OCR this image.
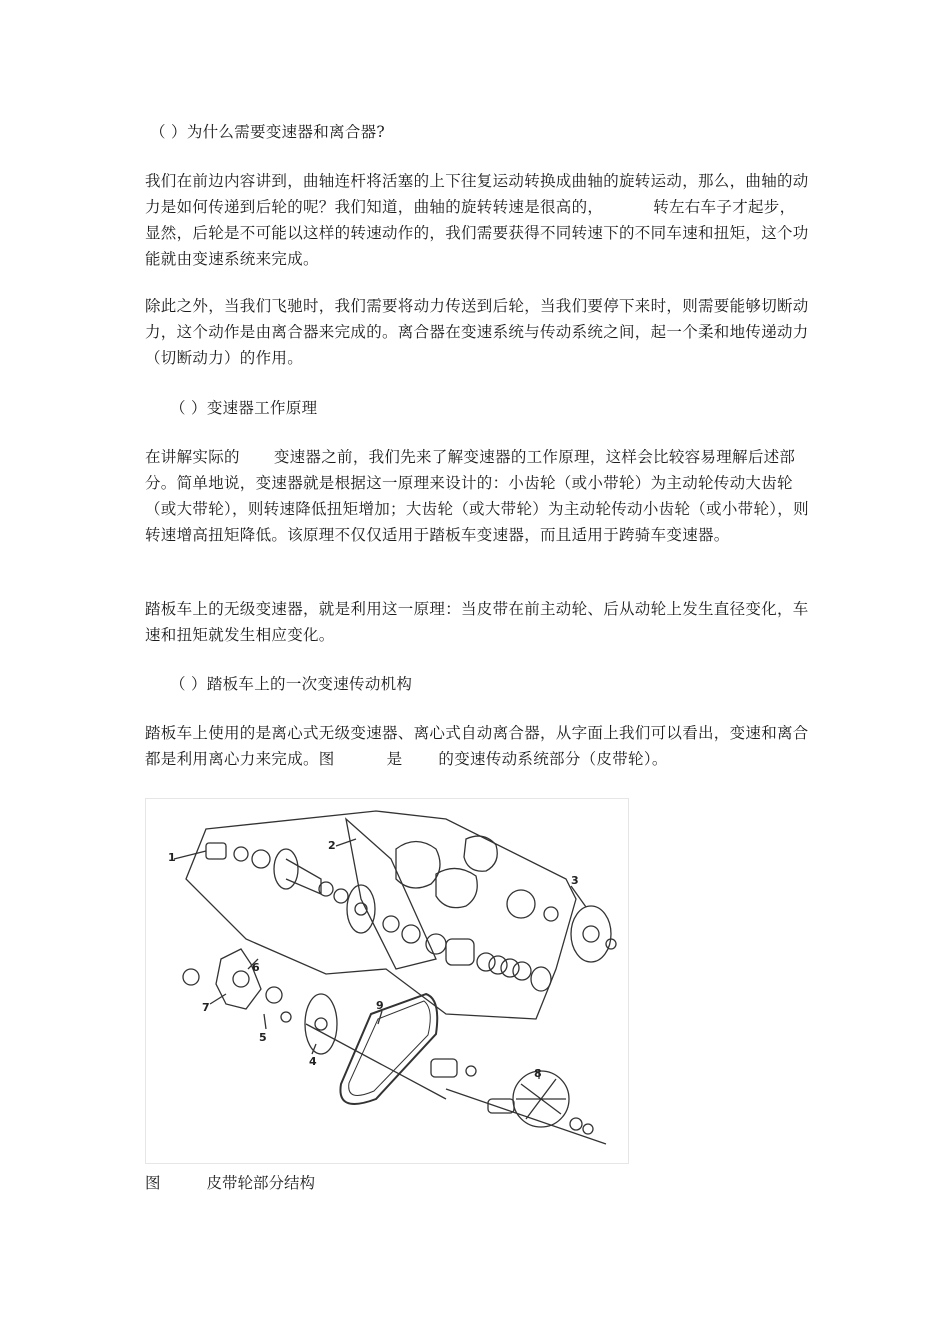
（ ）为什么需要变速器和离合器?

我们在前边内容讲到，曲轴连杆将活塞的上下往复运动转换成曲轴的旋转运动，那么，曲轴的动力是如何传递到后轮的呢？我们知道，曲轴的旋转转速是很高的，	转左右车子才起步，显然，后轮是不可能以这样的转速动作的，我们需要获得不同转速下的不同车速和扭矩，这个功能就由变速系统来完成。

除此之外，当我们飞驰时，我们需要将动力传送到后轮，当我们要停下来时，则需要能够切断动力，这个动作是由离合器来完成的。离合器在变速系统与传动系统之间，起一个柔和地传递动力（切断动力）的作用。

（ ）变速器工作原理

在讲解实际的 变速器之前，我们先来了解变速器的工作原理，这样会比较容易理解后述部分。简单地说，变速器就是根据这一原理来设计的：小齿轮（或小带轮）为主动轮传动大齿轮（或大带轮），则转速降低扭矩增加；大齿轮（或大带轮）为主动轮传动小齿轮（或小带轮），则转速增高扭矩降低。该原理不仅仅适用于踏板车变速器，而且适用于跨骑车变速器。

踏板车上的无级变速器，就是利用这一原理：当皮带在前主动轮、后从动轮上发生直径变化，车速和扭矩就发生相应变化。

（ ）踏板车上的一次变速传动机构

踏板车上使用的是离心式无级变速器、离心式自动离合器，从字面上我们可以看出，变速和离合都是利用离心力来完成。图	是 的变速传动系统部分（皮带轮）。

1
2
3
4
5
6
7
8
9
图	皮带轮部分结构
